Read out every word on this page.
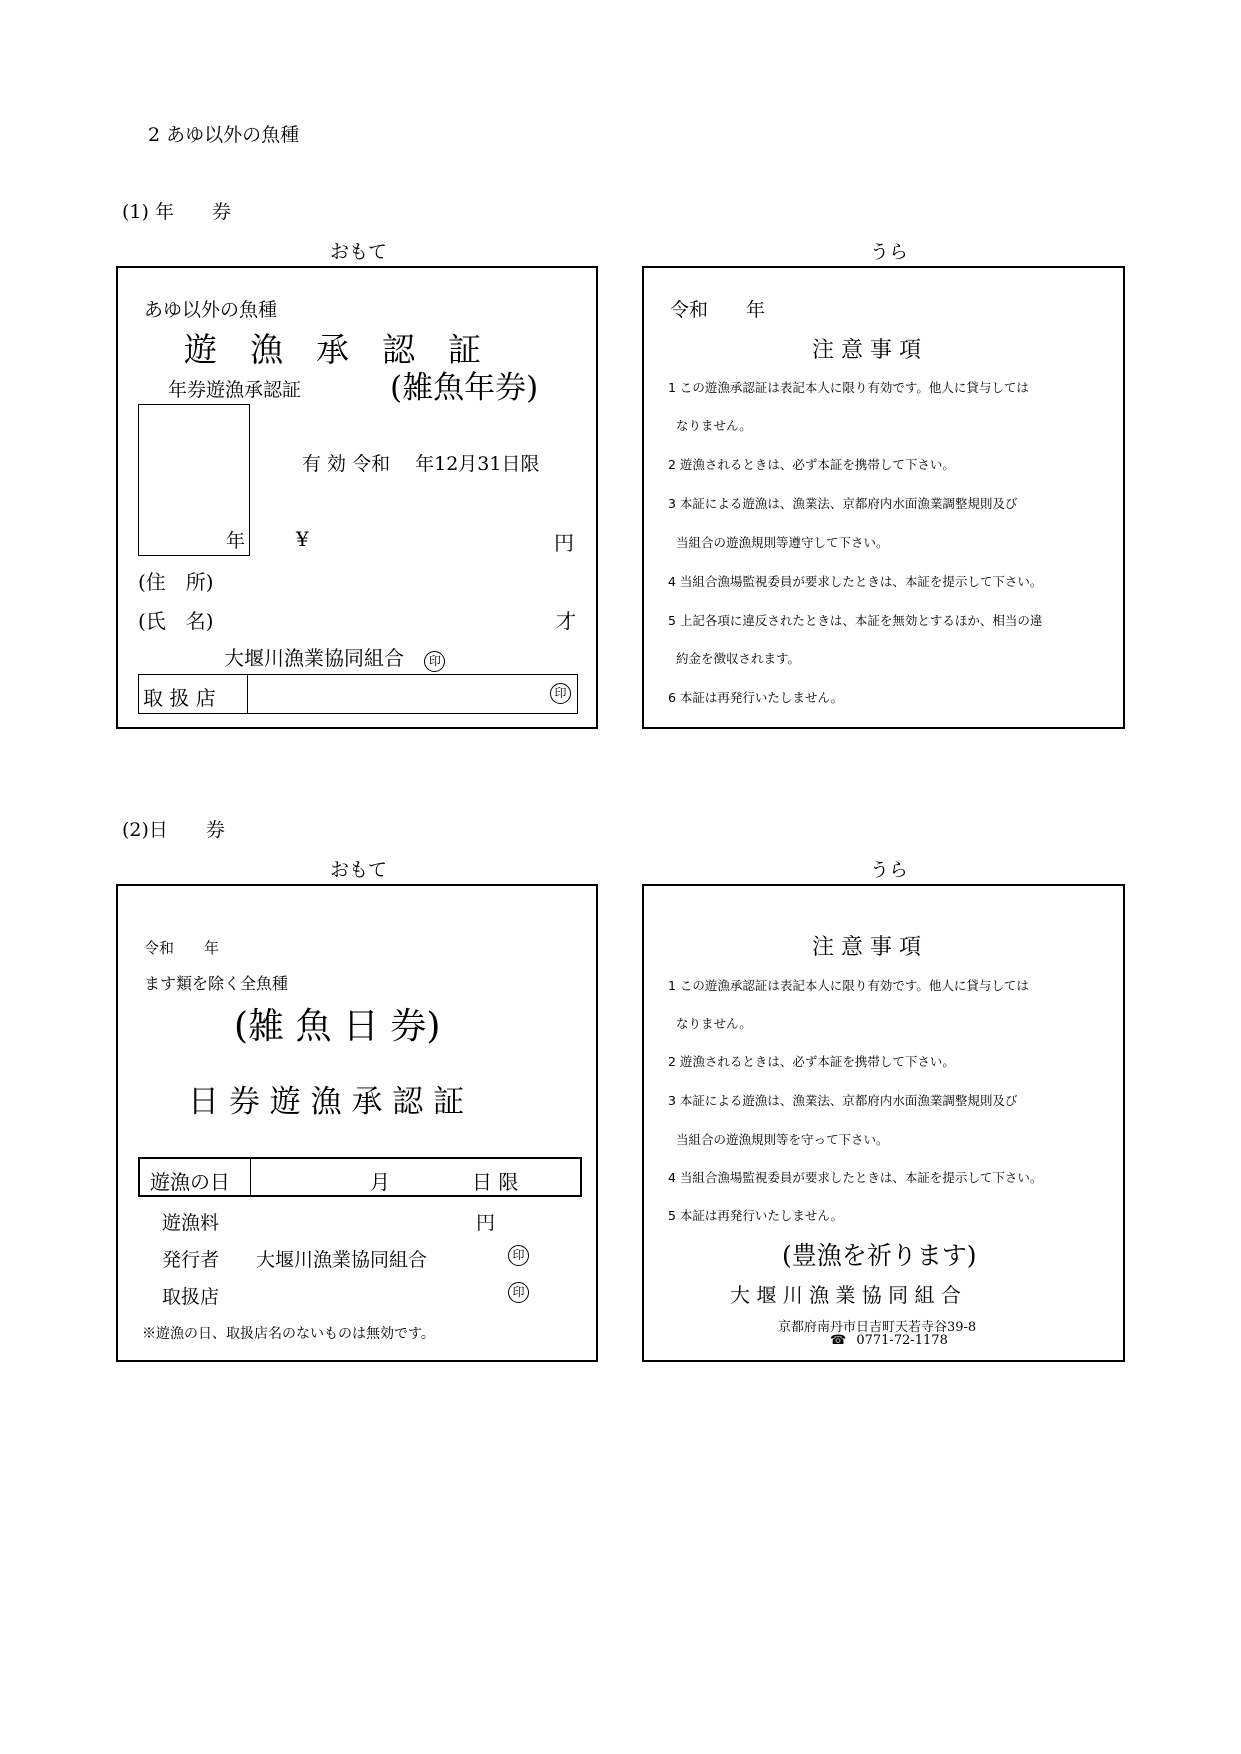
2 あゆ以外の魚種
(1) 年　　券
おもて	うら
あゆ以外の魚種
遊　漁　承　認　証
年券遊漁承認証	(雑魚年券)
年
有 効 令和　 年12月31日限
¥	円
(住　所)
(氏　名)	才
大堰川漁業協同組合 印
取 扱 店	印
令和　　年
注 意 事 項
1 この遊漁承認証は表記本人に限り有効です。他人に貸与しては
なりません。
2 遊漁されるときは、必ず本証を携帯して下さい。
3 本証による遊漁は、漁業法、京都府内水面漁業調整規則及び
当組合の遊漁規則等遵守して下さい。
4 当組合漁場監視委員が要求したときは、本証を提示して下さい。
5 上記各項に違反されたときは、本証を無効とするほか、相当の違
約金を徴収されます。
6 本証は再発行いたしません。
(2)日　　券
おもて	うら
令和　　年
ます類を除く全魚種
(雑 魚 日 券)
日 券 遊 漁 承 認 証
遊漁の日	月	日 限
遊漁料	円
発行者 大堰川漁業協同組合	印
取扱店	印
※遊漁の日、取扱店名のないものは無効です。
注 意 事 項
1 この遊漁承認証は表記本人に限り有効です。他人に貸与しては
なりません。
2 遊漁されるときは、必ず本証を携帯して下さい。
3 本証による遊漁は、漁業法、京都府内水面漁業調整規則及び
当組合の遊漁規則等を守って下さい。
4 当組合漁場監視委員が要求したときは、本証を提示して下さい。
5 本証は再発行いたしません。
(豊漁を祈ります)
大 堰 川 漁 業 協 同 組 合
京都府南丹市日吉町天若寺谷39-8
☎ 0771-72-1178
